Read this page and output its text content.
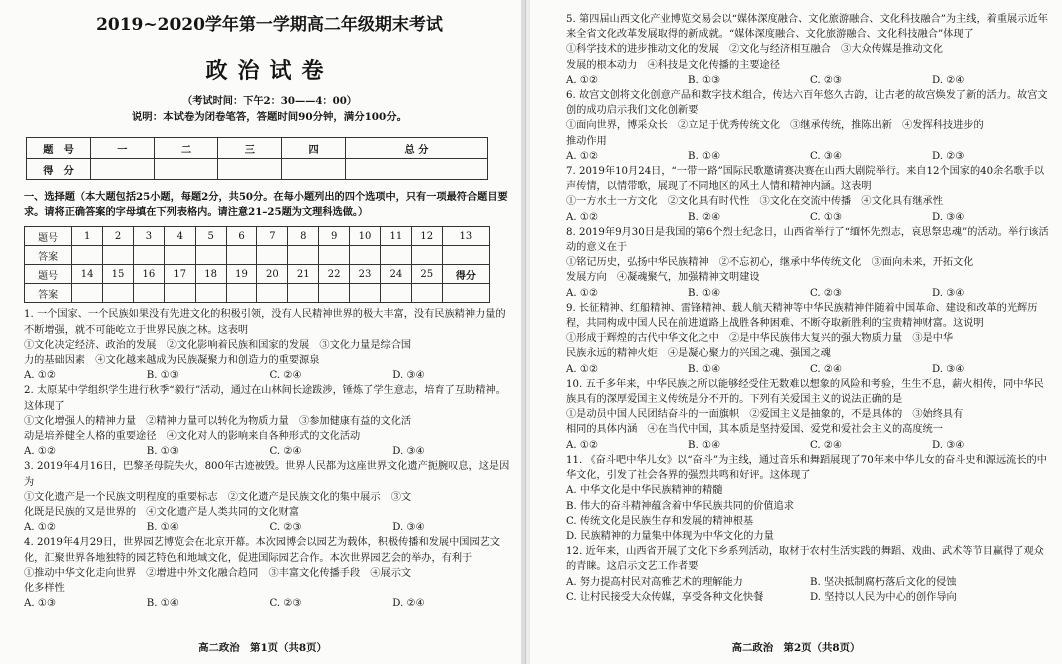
2019~2020学年第一学期高二年级期末考试
政治试卷
（考试时间：下午2：30——4：00）
说明：本试卷为闭卷笔答，答题时间90分钟，满分100分。
题　号	一	二	三	四	总 分
得　分					
一、选择题（本大题包括25小题，每题2分，共50分。在每小题列出的四个选项中，只有一项最符合题目要求。请将正确答案的字母填在下列表格内。请注意21–25题为文理科选做。）
题号	1	2	3	4	5	6	7	8	9	10	11	12	13
答案													
题号	14	15	16	17	18	19	20	21	22	23	24	25	得分
答案													
1. 一个国家、一个民族如果没有先进文化的积极引领，没有人民精神世界的极大丰富，没有民族精神力量的不断增强，就不可能屹立于世界民族之林。这表明
①文化决定经济、政治的发展　②文化影响着民族和国家的发展　③文化力量是综合国
力的基础因素　④文化越来越成为民族凝聚力和创造力的重要源泉
A. ①②	B. ①③	C. ②④	D. ③④
2. 太原某中学组织学生进行秋季“毅行”活动，通过在山林间长途跋涉，锤炼了学生意志，培育了互助精神。这体现了
①文化增强人的精神力量　②精神力量可以转化为物质力量　③参加健康有益的文化活
动是培养健全人格的重要途径　④文化对人的影响来自各种形式的文化活动
A. ①②	B. ①③	C. ②④	D. ③④
3. 2019年4月16日，巴黎圣母院失火，800年古迹被毁。世界人民都为这座世界文化遗产扼腕叹息，这是因为
①文化遗产是一个民族文明程度的重要标志　②文化遗产是民族文化的集中展示　③文
化既是民族的又是世界的　④文化遗产是人类共同的文化财富
A. ①②	B. ①④	C. ②③	D. ③④
4. 2019年4月29日，世界园艺博览会在北京开幕。本次园博会以园艺为载体，积极传播和发展中国园艺文化，汇聚世界各地独特的园艺特色和地域文化，促进国际园艺合作。本次世界园艺会的举办，有利于
①推动中华文化走向世界　②增进中外文化融合趋同　③丰富文化传播手段　④展示文
化多样性
A. ①③	B. ①④	C. ②③	D. ②④
高二政治　第1页（共8页）
5. 第四届山西文化产业博览交易会以“媒体深度融合、文化旅游融合、文化科技融合”为主线，着重展示近年来全省文化改革发展取得的新成就。“媒体深度融合、文化旅游融合、文化科技融合”体现了
①科学技术的进步推动文化的发展　②文化与经济相互融合　③大众传媒是推动文化
发展的根本动力　④科技是文化传播的主要途径
A. ①②	B. ①③	C. ②③	D. ②④
6. 故宫文创将文化创意产品和数字技术组合，传达六百年悠久古韵，让古老的故宫焕发了新的活力。故宫文创的成功启示我们文化创新要
①面向世界，博采众长　②立足于优秀传统文化　③继承传统，推陈出新　④发挥科技进步的
推动作用
A. ①②	B. ①④	C. ③④	D. ②③
7. 2019年10月24日，“一带一路”国际民歌邀请赛决赛在山西大剧院举行。来自12个国家的40余名歌手以声传情，以情带歌，展现了不同地区的风土人情和精神内涵。这表明
①一方水土一方文化　②文化具有时代性　③文化在交流中传播　④文化具有继承性
A. ①②	B. ②④	C. ①③	D. ③④
8. 2019年9月30日是我国的第6个烈士纪念日，山西省举行了“缅怀先烈志，哀思祭忠魂”的活动。举行该活动的意义在于
①铭记历史，弘扬中华民族精神　②不忘初心，继承中华传统文化　③面向未来，开拓文化
发展方向　④凝魂聚气，加强精神文明建设
A. ①②	B. ①④	C. ②③	D. ③④
9. 长征精神、红船精神、雷锋精神、载人航天精神等中华民族精神伴随着中国革命、建设和改革的光辉历程，共同构成中国人民在前进道路上战胜各种困难、不断夺取新胜利的宝贵精神财富。这说明
①形成于辉煌的古代中华文化之中　②是中华民族伟大复兴的强大物质力量　③是中华
民族永远的精神火炬　④是凝心聚力的兴国之魂、强国之魂
A. ①②	B. ①④	C. ②④	D. ③④
10. 五千多年来，中华民族之所以能够经受住无数难以想象的风险和考验，生生不息，薪火相传，同中华民族具有的深厚爱国主义传统是分不开的。下列有关爱国主义的说法正确的是
①是动员中国人民团结奋斗的一面旗帜　②爱国主义是抽象的，不是具体的　③始终具有
相同的具体内涵　④在当代中国，其本质是坚持爱国、爱党和爱社会主义的高度统一
A. ①②	B. ①④	C. ②④	D. ③④
11. 《奋斗吧中华儿女》以“奋斗”为主线，通过音乐和舞蹈展现了70年来中华儿女的奋斗史和源远流长的中华文化，引发了社会各界的强烈共鸣和好评。这体现了
A. 中华文化是中华民族精神的精髓
B. 伟大的奋斗精神蕴含着中华民族共同的价值追求
C. 传统文化是民族生存和发展的精神根基
D. 民族精神的力量集中体现为中华文化的力量
12. 近年来，山西省开展了文化下乡系列活动，取材于农村生活实践的舞蹈、戏曲、武术等节目赢得了观众的青睐。这启示文艺工作者要
A. 努力提高村民对高雅艺术的理解能力	B. 坚决抵制腐朽落后文化的侵蚀
C. 让村民接受大众传媒，享受各种文化快餐	D. 坚持以人民为中心的创作导向
高二政治　第2页（共8页）
